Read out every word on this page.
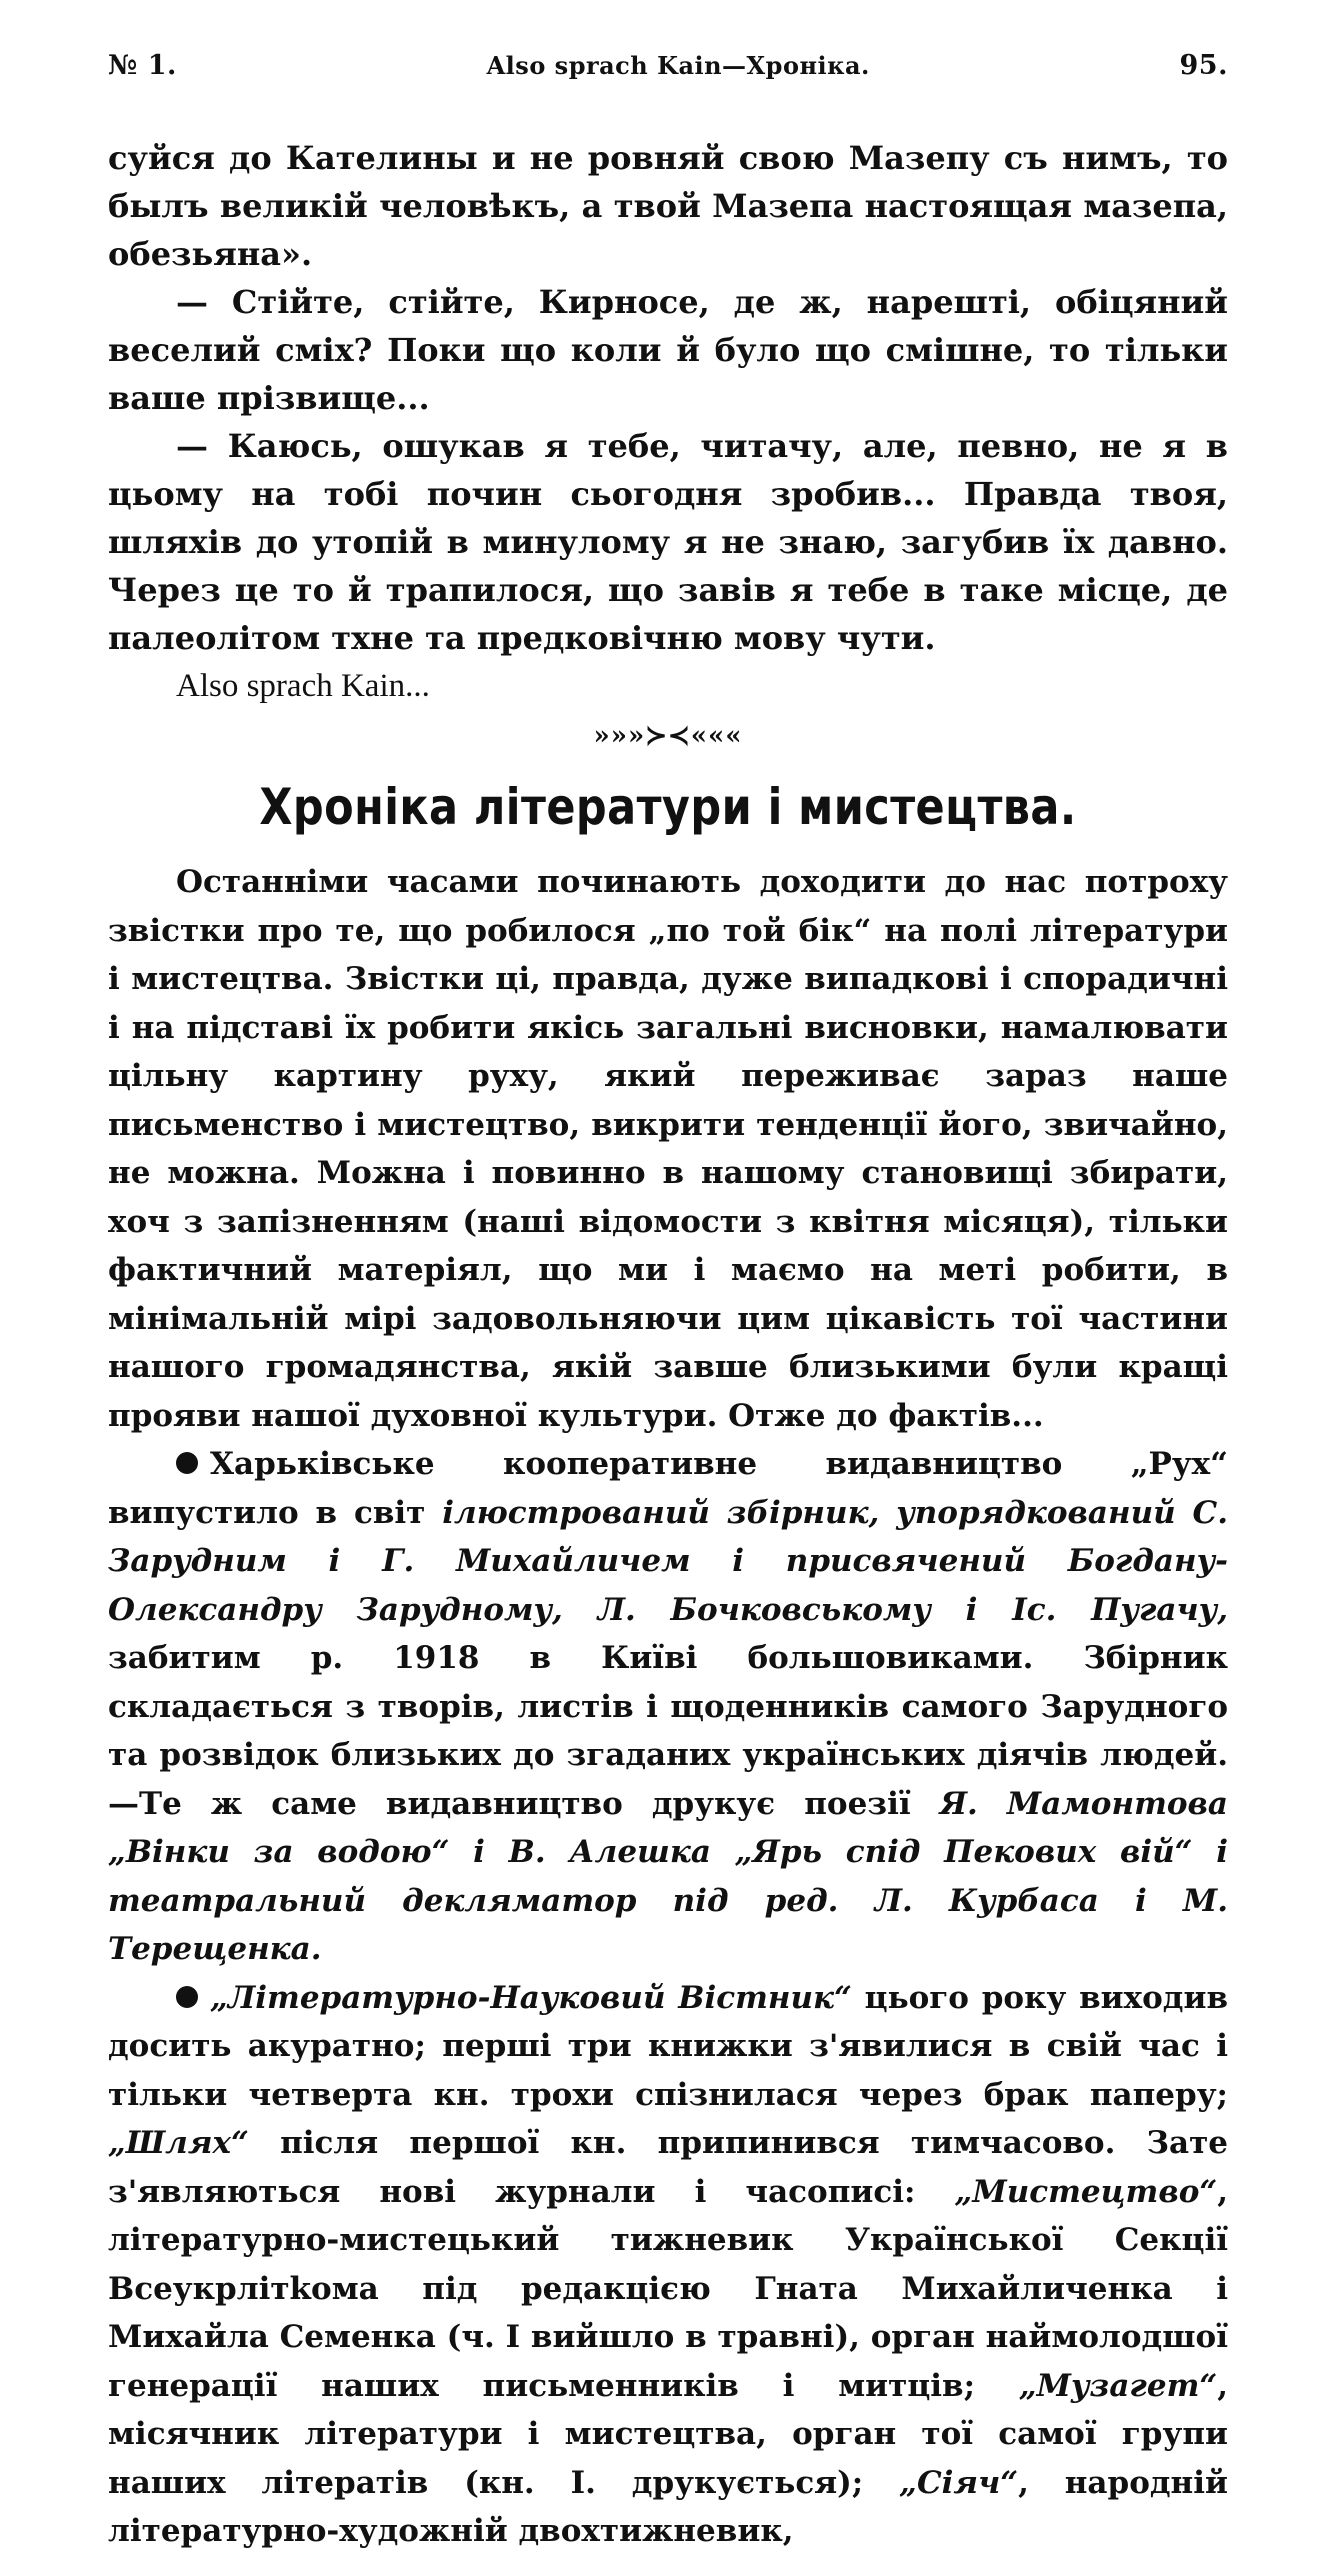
№ 1.	Also sprach Kain—Хроніка.	95.

суйся до Кателины и не ровняй свою Мазепу съ нимъ, то былъ великій человѣкъ, а твой Мазепа настоящая мазепа, обезьяна».

— Стійте, стійте, Кирносе, де ж, нарешті, обіцяний веселий сміх? Поки що коли й було що смішне, то тільки ваше прізвище...

— Каюсь, ошукав я тебе, читачу, але, певно, не я в цьому на тобі почин сьогодня зробив... Правда твоя, шляхів до утопій в минулому я не знаю, загубив їх давно. Через це то й трапилося, що завів я тебе в таке місце, де палеолітом тхне та предковічню мову чути.

Also sprach Kain...

»»»≻≺«««
Хроніка літератури і мистецтва.

Останніми часами починають доходити до нас потроху звістки про те, що робилося „по той бік“ на полі літератури і мистецтва. Звістки ці, правда, дуже випадкові і спорадичні і на підставі їх робити якісь загальні висновки, намалювати цільну картину руху, який переживає зараз наше письменство і мистецтво, викрити тенденції його, звичайно, не можна. Можна і повинно в нашому становищі збирати, хоч з запізненням (наші відомости з квітня місяця), тільки фактичний матеріял, що ми і маємо на меті робити, в мінімальній мірі задовольняючи цим цікавість тої частини нашого громадянства, якій завше близькими були кращі прояви нашої духовної культури. Отже до фактів...

Харьківське кооперативне видавництво „Рух“ випустило в світ ілюстрований збірник, упорядкований С. Зарудним і Г. Михайличем і присвячений Богдану-Олександру Зарудному, Л. Бочковському і Іс. Пугачу, забитим р. 1918 в Київі большовиками. Збірник складається з творів, листів і щоденників самого Зарудного та розвідок близьких до згаданих українських діячів людей.—Те ж саме видавництво друкує поезії Я. Мамонтова „Вінки за водою“ і В. Алешка „Ярь спід Пекових вій“ і театральний декляматор під ред. Л. Курбаса і М. Терещенка.

„Літературно-Науковий Вістник“ цього року виходив досить акуратно; перші три книжки з'явилися в свій час і тільки четверта кн. трохи спізнилася через брак паперу; „Шлях“ після першої кн. припинився тимчасово. Зате з'являються нові журнали і часописі: „Мистецтво“, літературно-мистецький тижневик Української Секції Всеукрлітkома під редакцією Гната Михайличенка і Михайла Семенка (ч. І вийшло в травні), орган наймолодшої генерації наших письменників і митців; „Музагет“, місячник літератури і мистецтва, орган тої самої групи наших літератів (кн. І. друкується); „Сіяч“, народній літературно-художній двохтижневик,
